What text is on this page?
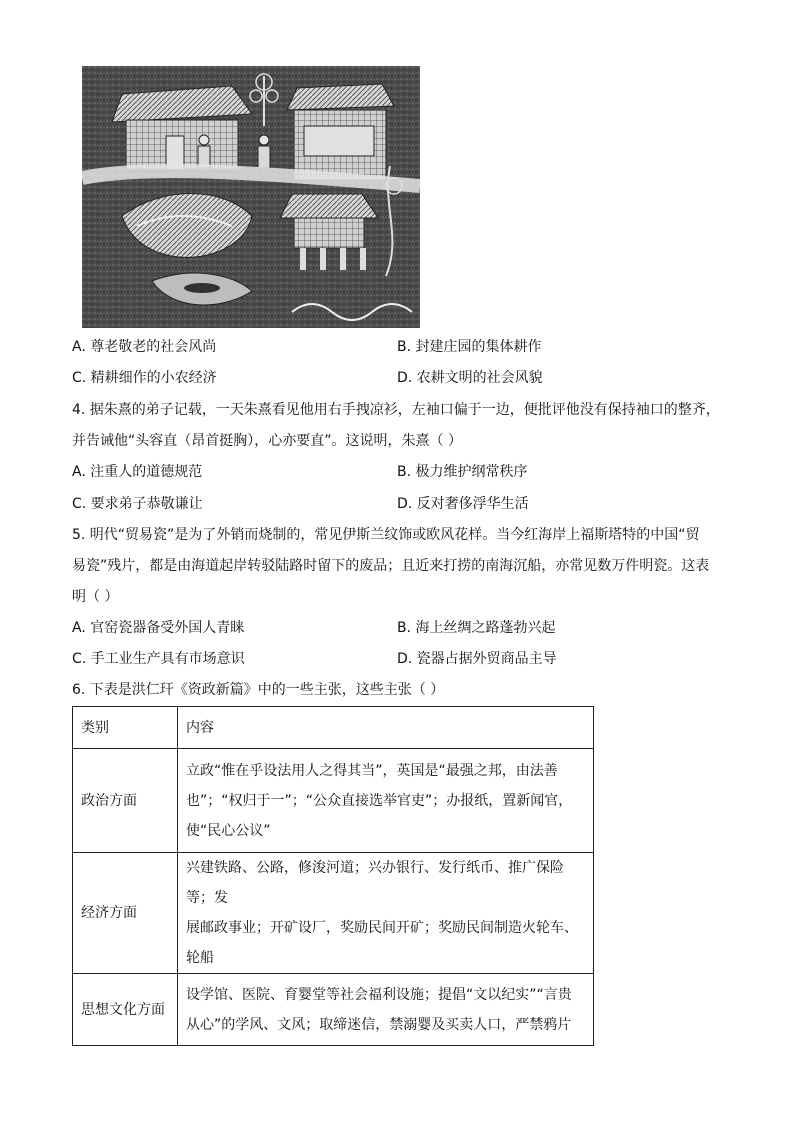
A. 尊老敬老的社会风尚	B. 封建庄园的集体耕作
C. 精耕细作的小农经济	D. 农耕文明的社会风貌
4. 据朱熹的弟子记载，一天朱熹看见他用右手拽凉衫，左袖口偏于一边，便批评他没有保持袖口的整齐，
并告诫他“头容直（昂首挺胸），心亦要直”。这说明，朱熹（ ）
A. 注重人的道德规范	B. 极力维护纲常秩序
C. 要求弟子恭敬谦让	D. 反对奢侈浮华生活
5. 明代“贸易瓷”是为了外销而烧制的，常见伊斯兰纹饰或欧风花样。当今红海岸上福斯塔特的中国“贸
易瓷”残片，都是由海道起岸转驳陆路时留下的废品；且近来打捞的南海沉船，亦常见数万件明瓷。这表
明（ ）
A. 官窑瓷器备受外国人青睐	B. 海上丝绸之路蓬勃兴起
C. 手工业生产具有市场意识	D. 瓷器占据外贸商品主导
6. 下表是洪仁玕《资政新篇》中的一些主张，这些主张（ ）
类别	内容
政治方面	立政“惟在乎设法用人之得其当”，英国是“最强之邦，由法善
也”；“权归于一”；“公众直接选举官吏”；办报纸，置新闻官，
使“民心公议”

经济方面	兴建铁路、公路，修浚河道；兴办银行、发行纸币、推广保险等；发
展邮政事业；开矿设厂，奖励民间开矿；奖励民间制造火轮车、轮船

思想文化方面	设学馆、医院、育婴堂等社会福利设施；提倡“文以纪实”“言贵
从心”的学风、文风；取缔迷信，禁溺婴及买卖人口，严禁鸦片
